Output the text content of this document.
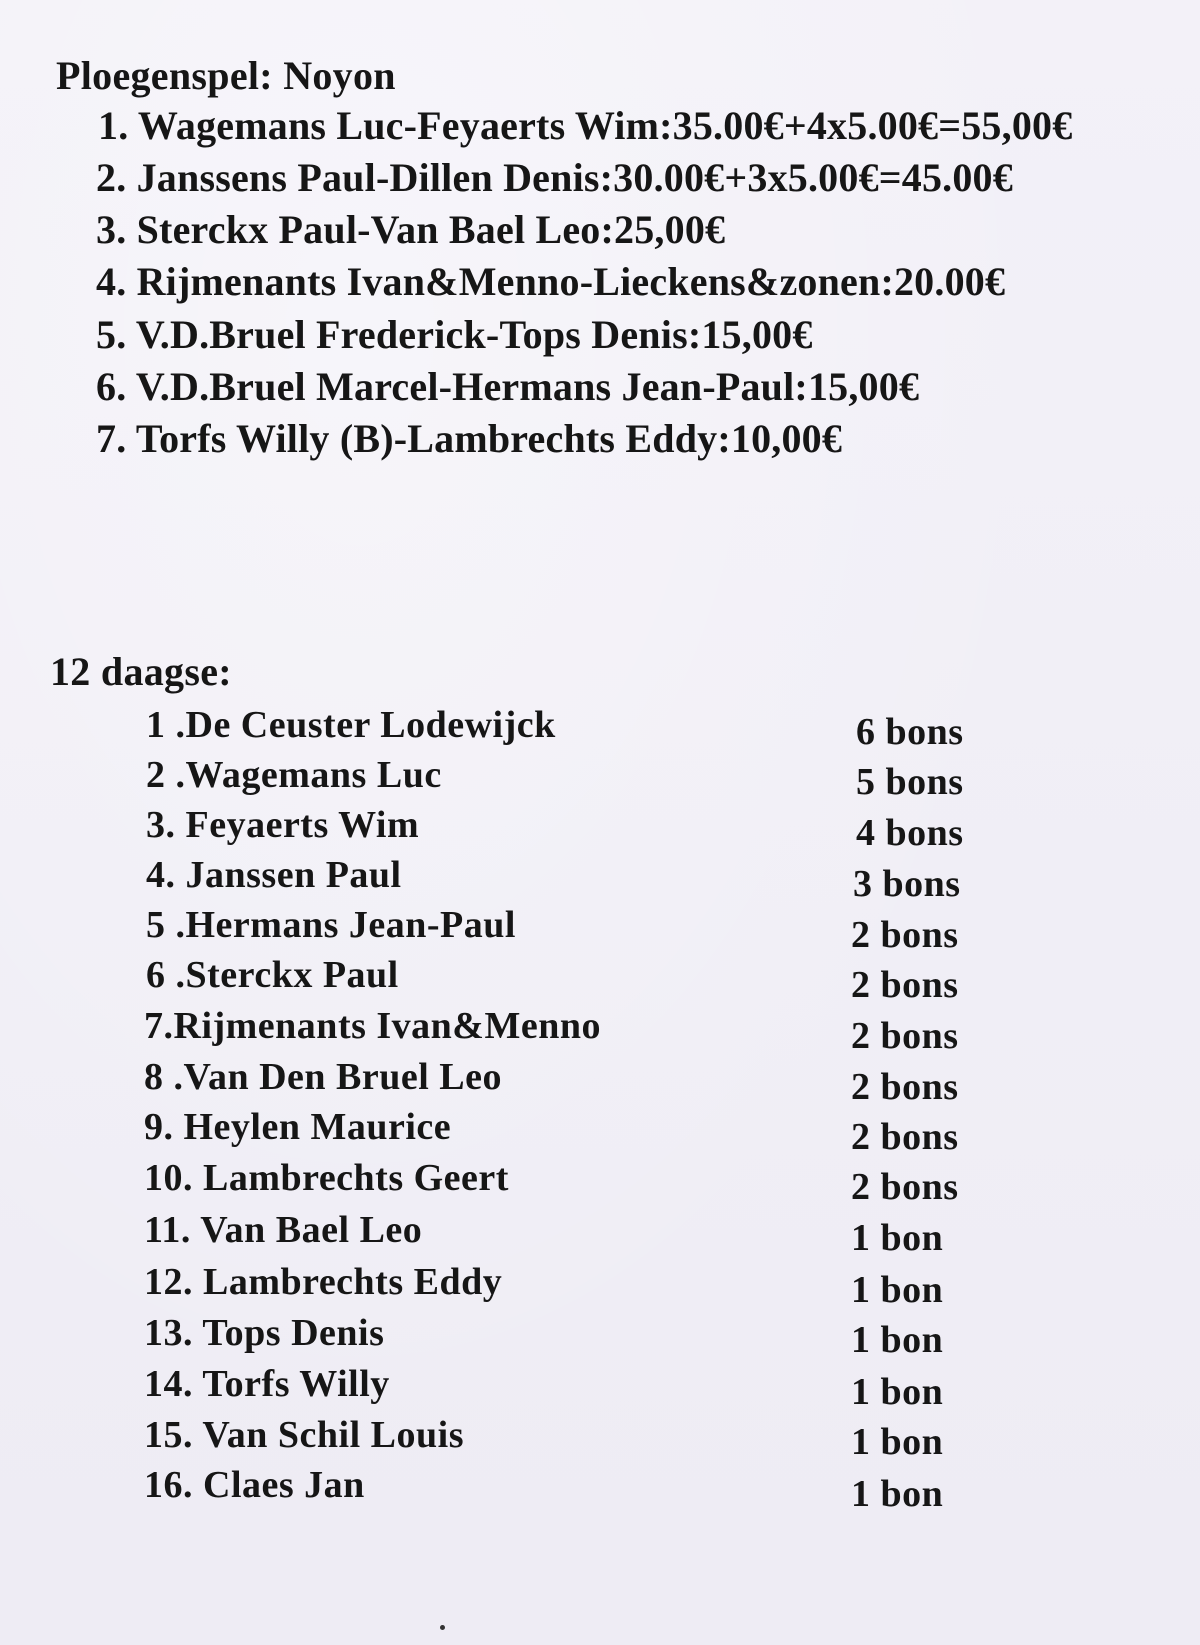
Ploegenspel: Noyon
1. Wagemans Luc-Feyaerts Wim:35.00€+4x5.00€=55,00€
2. Janssens Paul-Dillen Denis:30.00€+3x5.00€=45.00€
3. Sterckx Paul-Van Bael Leo:25,00€
4. Rijmenants Ivan&Menno-Lieckens&zonen:20.00€
5. V.D.Bruel Frederick-Tops Denis:15,00€
6. V.D.Bruel Marcel-Hermans Jean-Paul:15,00€
7. Torfs Willy (B)-Lambrechts Eddy:10,00€
12 daagse:
1 .De Ceuster Lodewijck	6 bons
2 .Wagemans Luc	5 bons
3. Feyaerts Wim	4 bons
4. Janssen Paul	3 bons
5 .Hermans Jean-Paul	2 bons
6 .Sterckx Paul	2 bons
7.Rijmenants Ivan&Menno	2 bons
8 .Van Den Bruel Leo	2 bons
9. Heylen Maurice	2 bons
10. Lambrechts Geert	2 bons
11. Van Bael Leo	1 bon
12. Lambrechts Eddy	1 bon
13. Tops Denis	1 bon
14. Torfs Willy	1 bon
15. Van Schil Louis	1 bon
16. Claes Jan	1 bon
